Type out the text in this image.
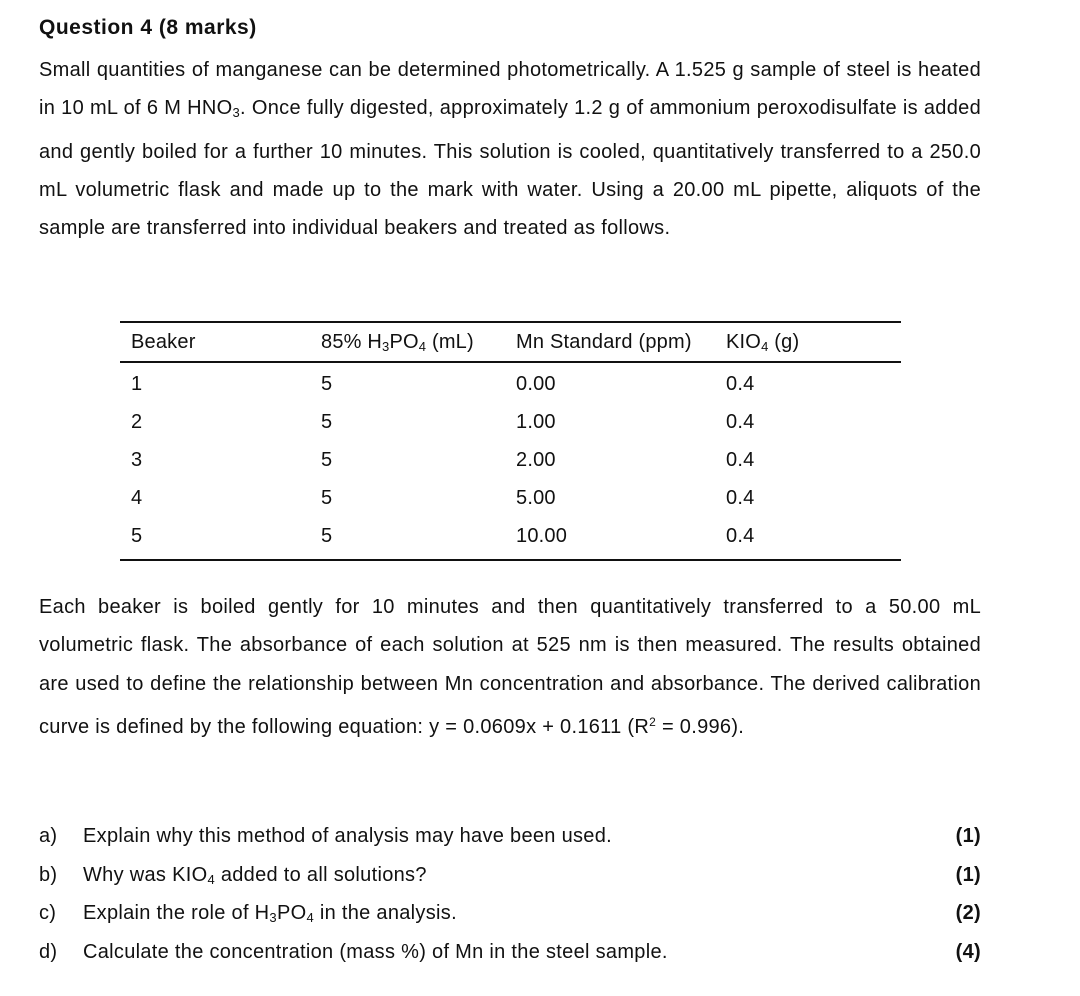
Question 4 (8 marks)

Small quantities of manganese can be determined photometrically. A 1.525 g sample of steel is heated in 10 mL of 6 M $HNO_3$. Once fully digested, approximately 1.2 g of ammonium peroxodisulfate is added and gently boiled for a further 10 minutes. This solution is cooled, quantitatively transferred to a 250.0 mL volumetric flask and made up to the mark with water. Using a 20.00 mL pipette, aliquots of the sample are transferred into individual beakers and treated as follows.

Beaker	85% $H_3PO_4$ (mL)	Mn Standard (ppm)	$KIO_4$ (g)
1	5	0.00	0.4
2	5	1.00	0.4
3	5	2.00	0.4
4	5	5.00	0.4
5	5	10.00	0.4

Each beaker is boiled gently for 10 minutes and then quantitatively transferred to a 50.00 mL volumetric flask. The absorbance of each solution at 525 nm is then measured. The results obtained are used to define the relationship between Mn concentration and absorbance. The derived calibration curve is defined by the following equation: y = 0.0609x + 0.1611 $(R^2 = 0.996)$.

a) Explain why this method of analysis may have been used.	(1)
b) Why was $KIO_4$ added to all solutions?	(1)
c) Explain the role of $H_3PO_4$ in the analysis.	(2)
d) Calculate the concentration (mass %) of Mn in the steel sample.	(4)
